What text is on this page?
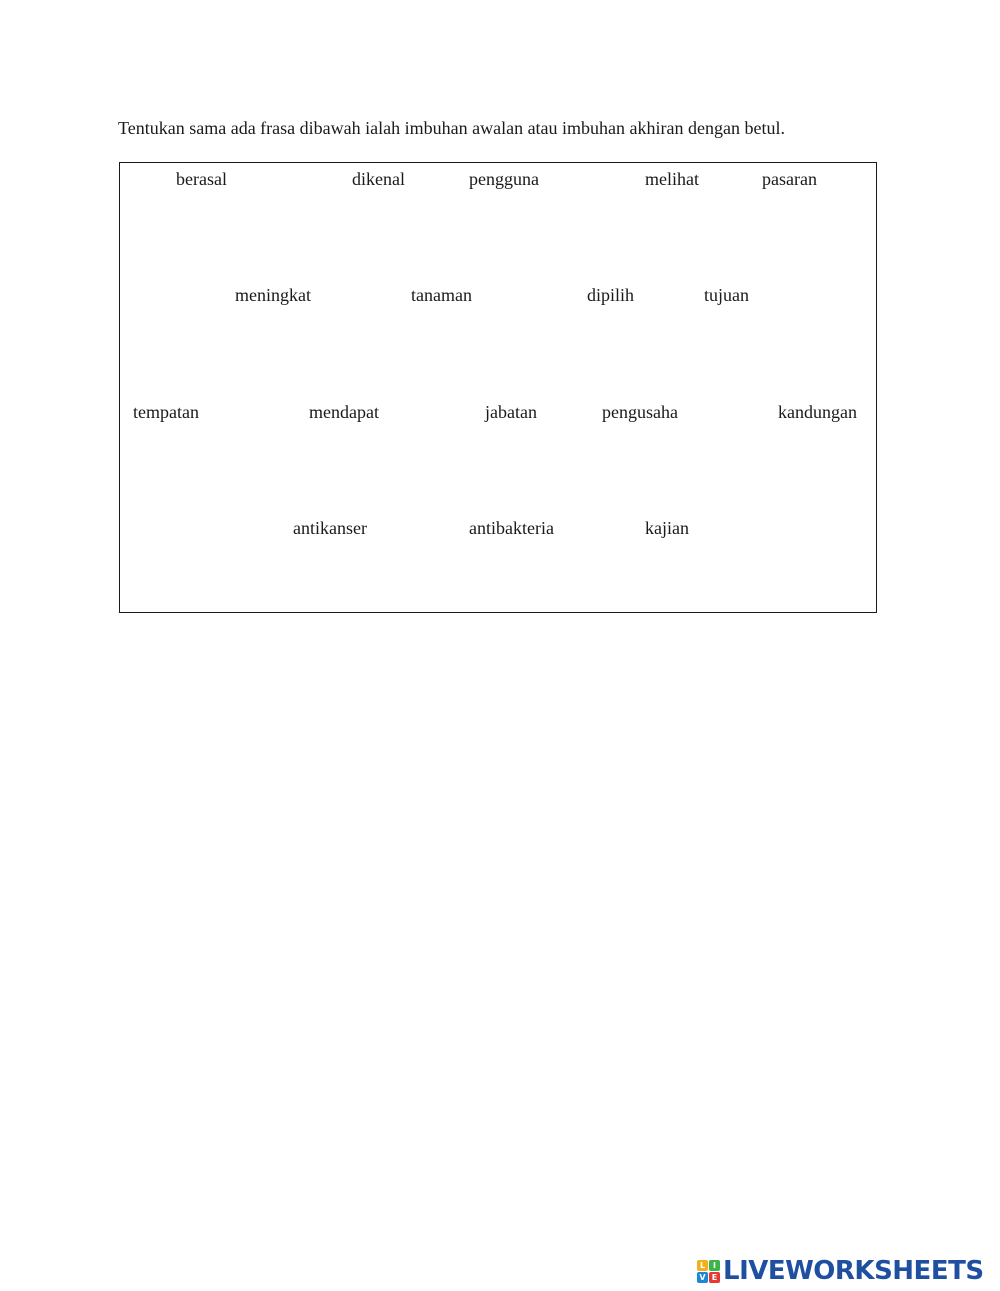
Tentukan sama ada frasa dibawah ialah imbuhan awalan atau imbuhan akhiran dengan betul.

berasal	dikenal	pengguna	melihat	pasaran
meningkat	tanaman	dipilih	tujuan
tempatan	mendapat	jabatan	pengusaha	kandungan
antikanser	antibakteria	kajian
L I
V E LIVEWORKSHEETS
